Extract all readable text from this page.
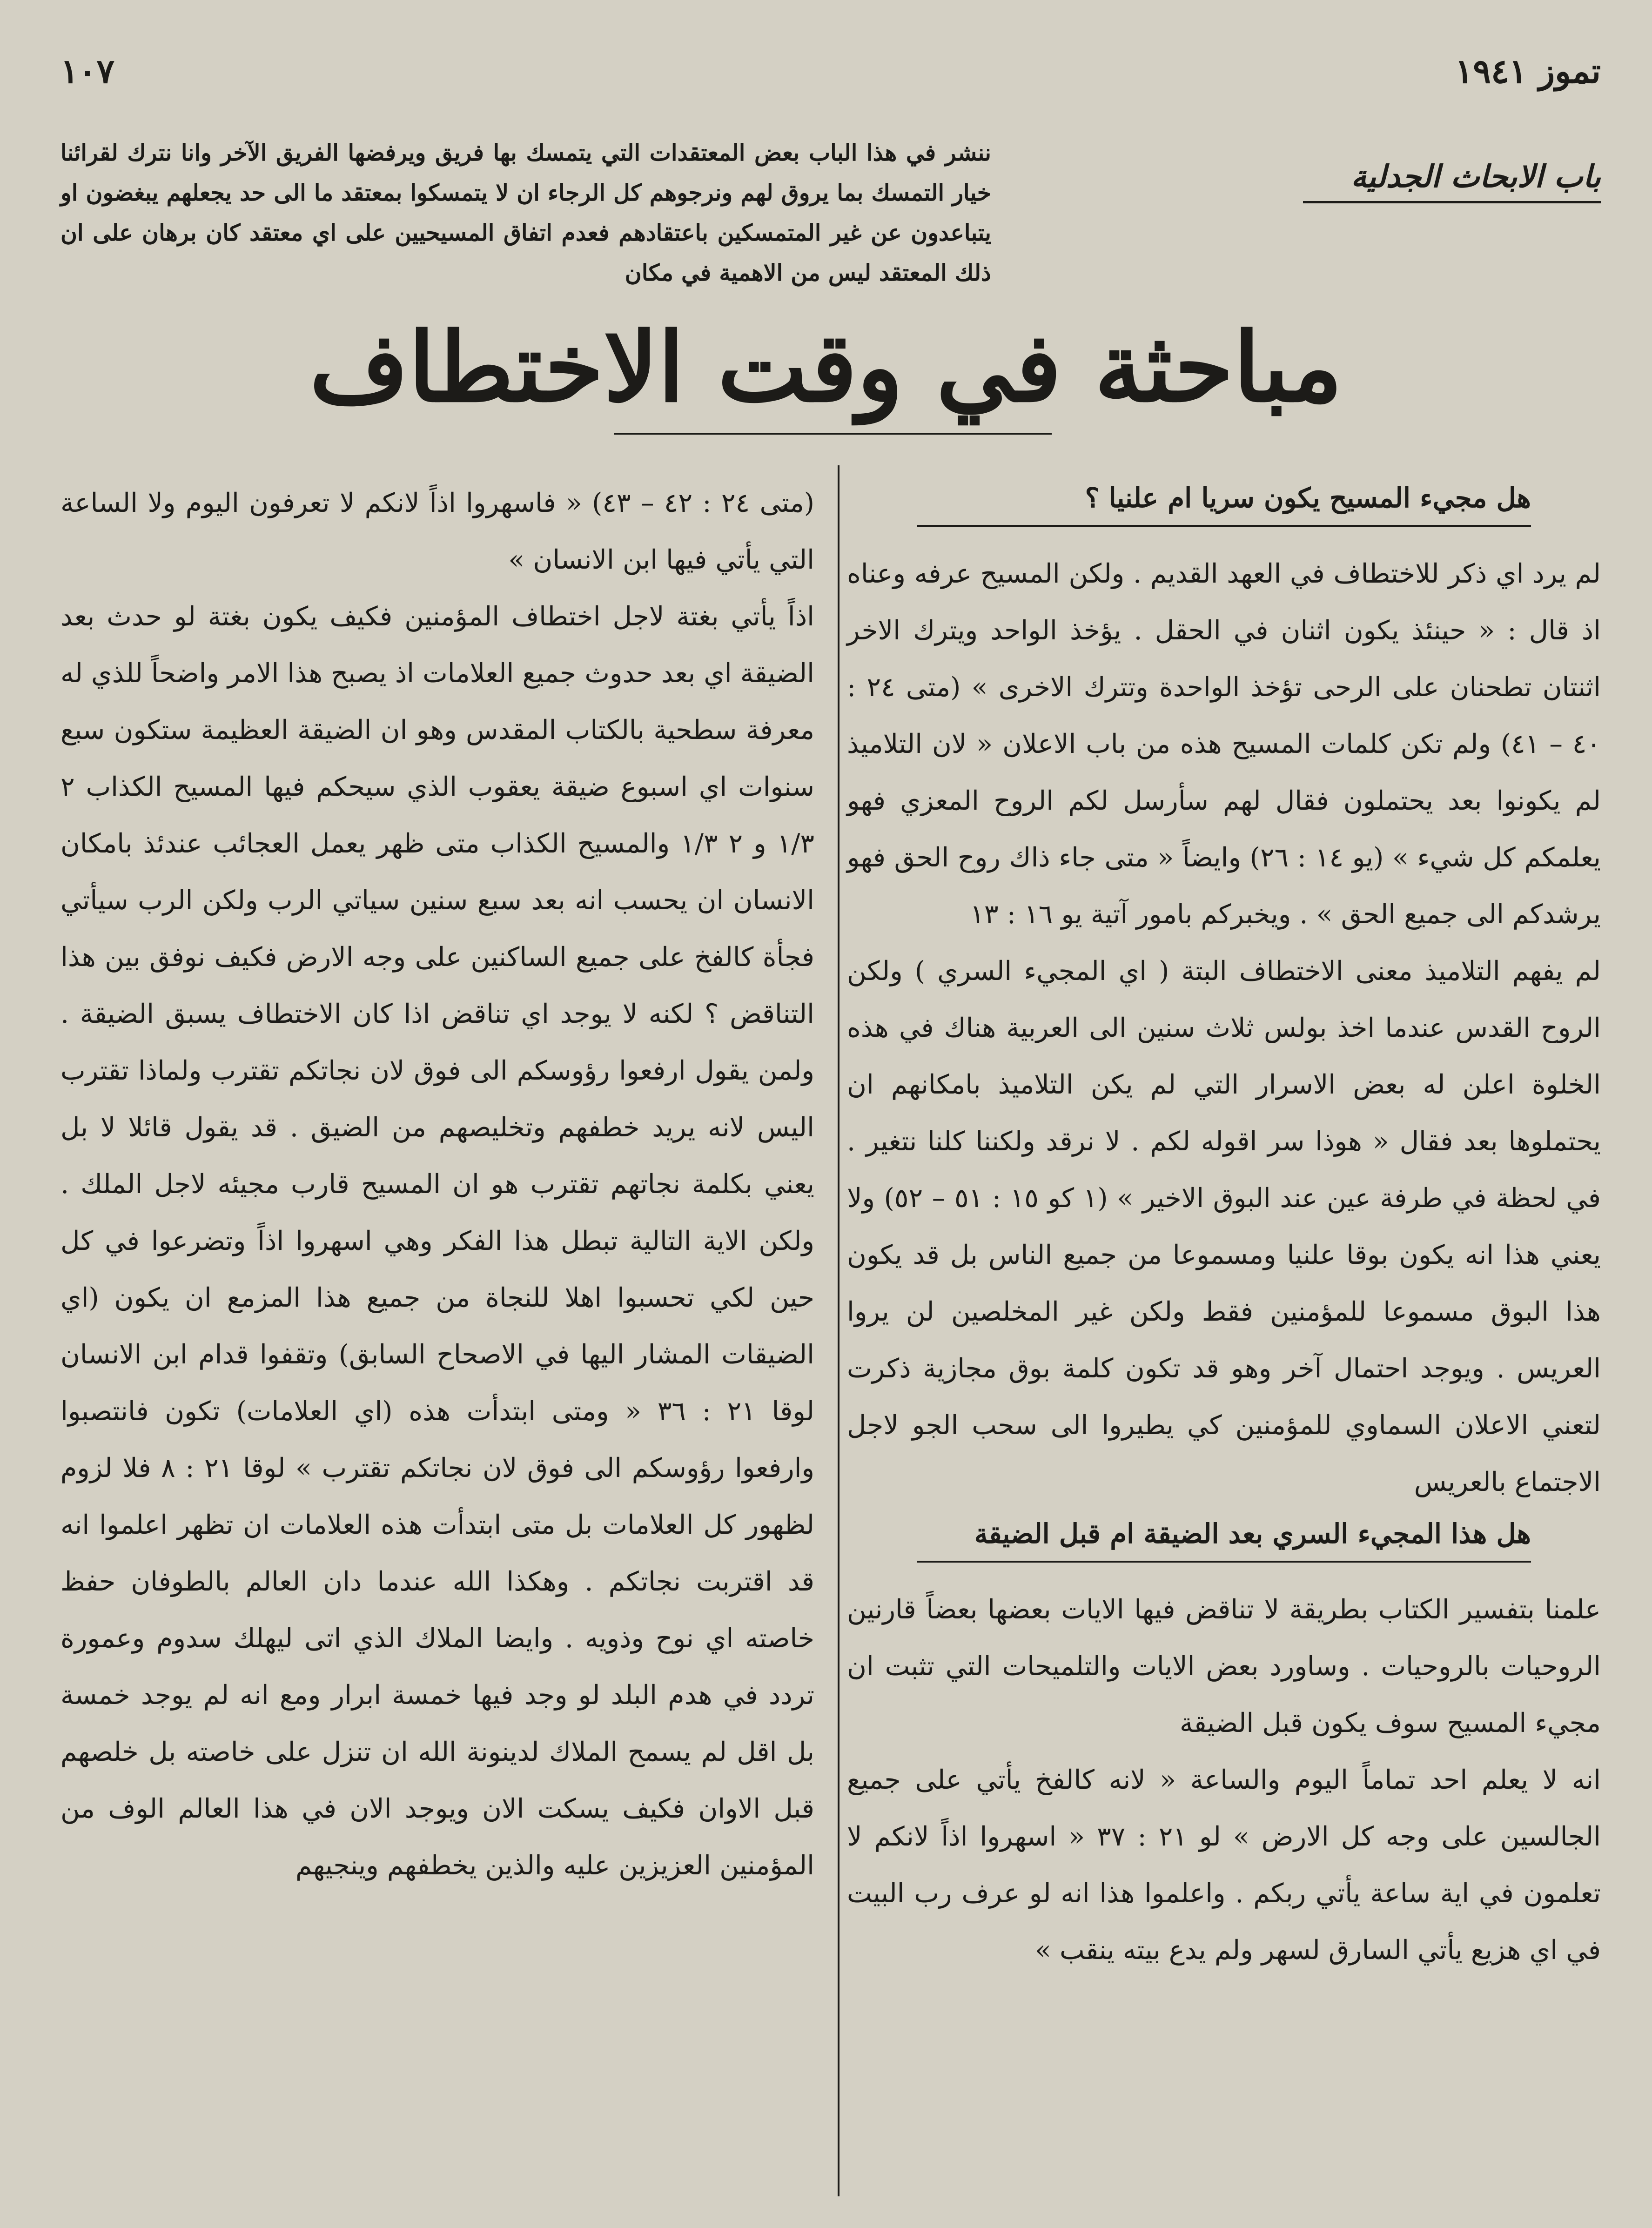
١٠٧	تموز ١٩٤١
باب الابحاث الجدلية
ننشر في هذا الباب بعض المعتقدات التي يتمسك بها فريق ويرفضها الفريق الآخر وانا نترك لقرائنا خيار التمسك بما يروق لهم ونرجوهم كل الرجاء ان لا يتمسكوا بمعتقد ما الى حد يجعلهم يبغضون او يتباعدون عن غير المتمسكين باعتقادهم فعدم اتفاق المسيحيين على اي معتقد كان برهان على ان ذلك المعتقد ليس من الاهمية في مكان
مباحثة في وقت الاختطاف
هل مجيء المسيح يكون سريا ام علنيا ؟

لم يرد اي ذكر للاختطاف في العهد القديم . ولكن المسيح عرفه وعناه اذ قال : « حينئذ يكون اثنان في الحقل . يؤخذ الواحد ويترك الاخر اثنتان تطحنان على الرحى تؤخذ الواحدة وتترك الاخرى » (متى ٢٤ : ٤٠ – ٤١) ولم تكن كلمات المسيح هذه من باب الاعلان « لان التلاميذ لم يكونوا بعد يحتملون فقال لهم سأرسل لكم الروح المعزي فهو يعلمكم كل شيء » (يو ١٤ : ٢٦) وايضاً « متى جاء ذاك روح الحق فهو يرشدكم الى جميع الحق » . ويخبركم بامور آتية يو ١٦ : ١٣

لم يفهم التلاميذ معنى الاختطاف البتة ( اي المجيء السري ) ولكن الروح القدس عندما اخذ بولس ثلاث سنين الى العربية هناك في هذه الخلوة اعلن له بعض الاسرار التي لم يكن التلاميذ بامكانهم ان يحتملوها بعد فقال « هوذا سر اقوله لكم . لا نرقد ولكننا كلنا نتغير . في لحظة في طرفة عين عند البوق الاخير » (١ كو ١٥ : ٥١ – ٥٢) ولا يعني هذا انه يكون بوقا علنيا ومسموعا من جميع الناس بل قد يكون هذا البوق مسموعا للمؤمنين فقط ولكن غير المخلصين لن يروا العريس . ويوجد احتمال آخر وهو قد تكون كلمة بوق مجازية ذكرت لتعني الاعلان السماوي للمؤمنين كي يطيروا الى سحب الجو لاجل الاجتماع بالعريس

هل هذا المجيء السري بعد الضيقة ام قبل الضيقة

علمنا بتفسير الكتاب بطريقة لا تناقض فيها الايات بعضها بعضاً قارنين الروحيات بالروحيات . وساورد بعض الايات والتلميحات التي تثبت ان مجيء المسيح سوف يكون قبل الضيقة

انه لا يعلم احد تماماً اليوم والساعة « لانه كالفخ يأتي على جميع الجالسين على وجه كل الارض » لو ٢١ : ٣٧ « اسهروا اذاً لانكم لا تعلمون في اية ساعة يأتي ربكم . واعلموا هذا انه لو عرف رب البيت في اي هزيع يأتي السارق لسهر ولم يدع بيته ينقب »

(متى ٢٤ : ٤٢ – ٤٣) « فاسهروا اذاً لانكم لا تعرفون اليوم ولا الساعة التي يأتي فيها ابن الانسان »

اذاً يأتي بغتة لاجل اختطاف المؤمنين فكيف يكون بغتة لو حدث بعد الضيقة اي بعد حدوث جميع العلامات اذ يصبح هذا الامر واضحاً للذي له معرفة سطحية بالكتاب المقدس وهو ان الضيقة العظيمة ستكون سبع سنوات اي اسبوع ضيقة يعقوب الذي سيحكم فيها المسيح الكذاب ٢ ١/٣ و ٢ ١/٣ والمسيح الكذاب متى ظهر يعمل العجائب عندئذ بامكان الانسان ان يحسب انه بعد سبع سنين سياتي الرب ولكن الرب سيأتي فجأة كالفخ على جميع الساكنين على وجه الارض فكيف نوفق بين هذا التناقض ؟ لكنه لا يوجد اي تناقض اذا كان الاختطاف يسبق الضيقة . ولمن يقول ارفعوا رؤوسكم الى فوق لان نجاتكم تقترب ولماذا تقترب اليس لانه يريد خطفهم وتخليصهم من الضيق . قد يقول قائلا لا بل يعني بكلمة نجاتهم تقترب هو ان المسيح قارب مجيئه لاجل الملك . ولكن الاية التالية تبطل هذا الفكر وهي اسهروا اذاً وتضرعوا في كل حين لكي تحسبوا اهلا للنجاة من جميع هذا المزمع ان يكون (اي الضيقات المشار اليها في الاصحاح السابق) وتقفوا قدام ابن الانسان لوقا ٢١ : ٣٦ « ومتى ابتدأت هذه (اي العلامات) تكون فانتصبوا وارفعوا رؤوسكم الى فوق لان نجاتكم تقترب » لوقا ٢١ : ٨ فلا لزوم لظهور كل العلامات بل متى ابتدأت هذه العلامات ان تظهر اعلموا انه قد اقتربت نجاتكم . وهكذا الله عندما دان العالم بالطوفان حفظ خاصته اي نوح وذويه . وايضا الملاك الذي اتى ليهلك سدوم وعمورة تردد في هدم البلد لو وجد فيها خمسة ابرار ومع انه لم يوجد خمسة بل اقل لم يسمح الملاك لدينونة الله ان تنزل على خاصته بل خلصهم قبل الاوان فكيف يسكت الان ويوجد الان في هذا العالم الوف من المؤمنين العزيزين عليه والذين يخطفهم وينجيهم
